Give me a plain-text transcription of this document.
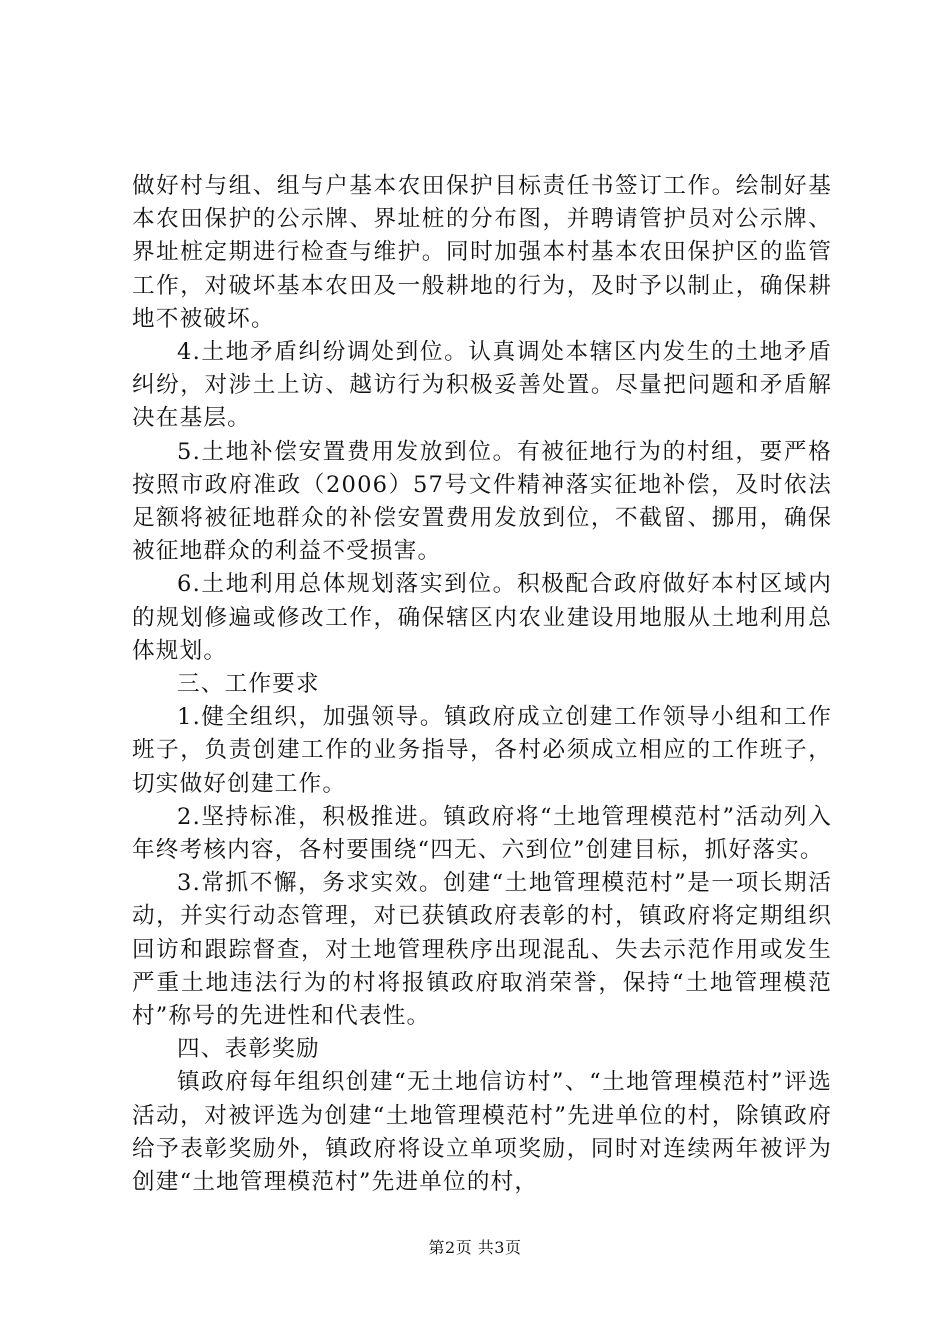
做好村与组、组与户基本农田保护目标责任书签订工作。绘制好基本农田保护的公示牌、界址桩的分布图，并聘请管护员对公示牌、界址桩定期进行检查与维护。同时加强本村基本农田保护区的监管工作，对破坏基本农田及一般耕地的行为，及时予以制止，确保耕地不被破坏。

4.土地矛盾纠纷调处到位。认真调处本辖区内发生的土地矛盾纠纷，对涉土上访、越访行为积极妥善处置。尽量把问题和矛盾解决在基层。

5.土地补偿安置费用发放到位。有被征地行为的村组，要严格按照市政府准政（2006）57号文件精神落实征地补偿，及时依法足额将被征地群众的补偿安置费用发放到位，不截留、挪用，确保被征地群众的利益不受损害。

6.土地利用总体规划落实到位。积极配合政府做好本村区域内的规划修遍或修改工作，确保辖区内农业建设用地服从土地利用总体规划。

三、工作要求

1.健全组织，加强领导。镇政府成立创建工作领导小组和工作班子，负责创建工作的业务指导，各村必须成立相应的工作班子，切实做好创建工作。

2.坚持标准，积极推进。镇政府将“土地管理模范村”活动列入年终考核内容，各村要围绕“四无、六到位”创建目标，抓好落实。

3.常抓不懈，务求实效。创建“土地管理模范村”是一项长期活动，并实行动态管理，对已获镇政府表彰的村，镇政府将定期组织回访和跟踪督查，对土地管理秩序出现混乱、失去示范作用或发生严重土地违法行为的村将报镇政府取消荣誉，保持“土地管理模范村”称号的先进性和代表性。

四、表彰奖励

镇政府每年组织创建“无土地信访村”、“土地管理模范村”评选活动，对被评选为创建“土地管理模范村”先进单位的村，除镇政府给予表彰奖励外，镇政府将设立单项奖励，同时对连续两年被评为创建“土地管理模范村”先进单位的村，

第2页 共3页
